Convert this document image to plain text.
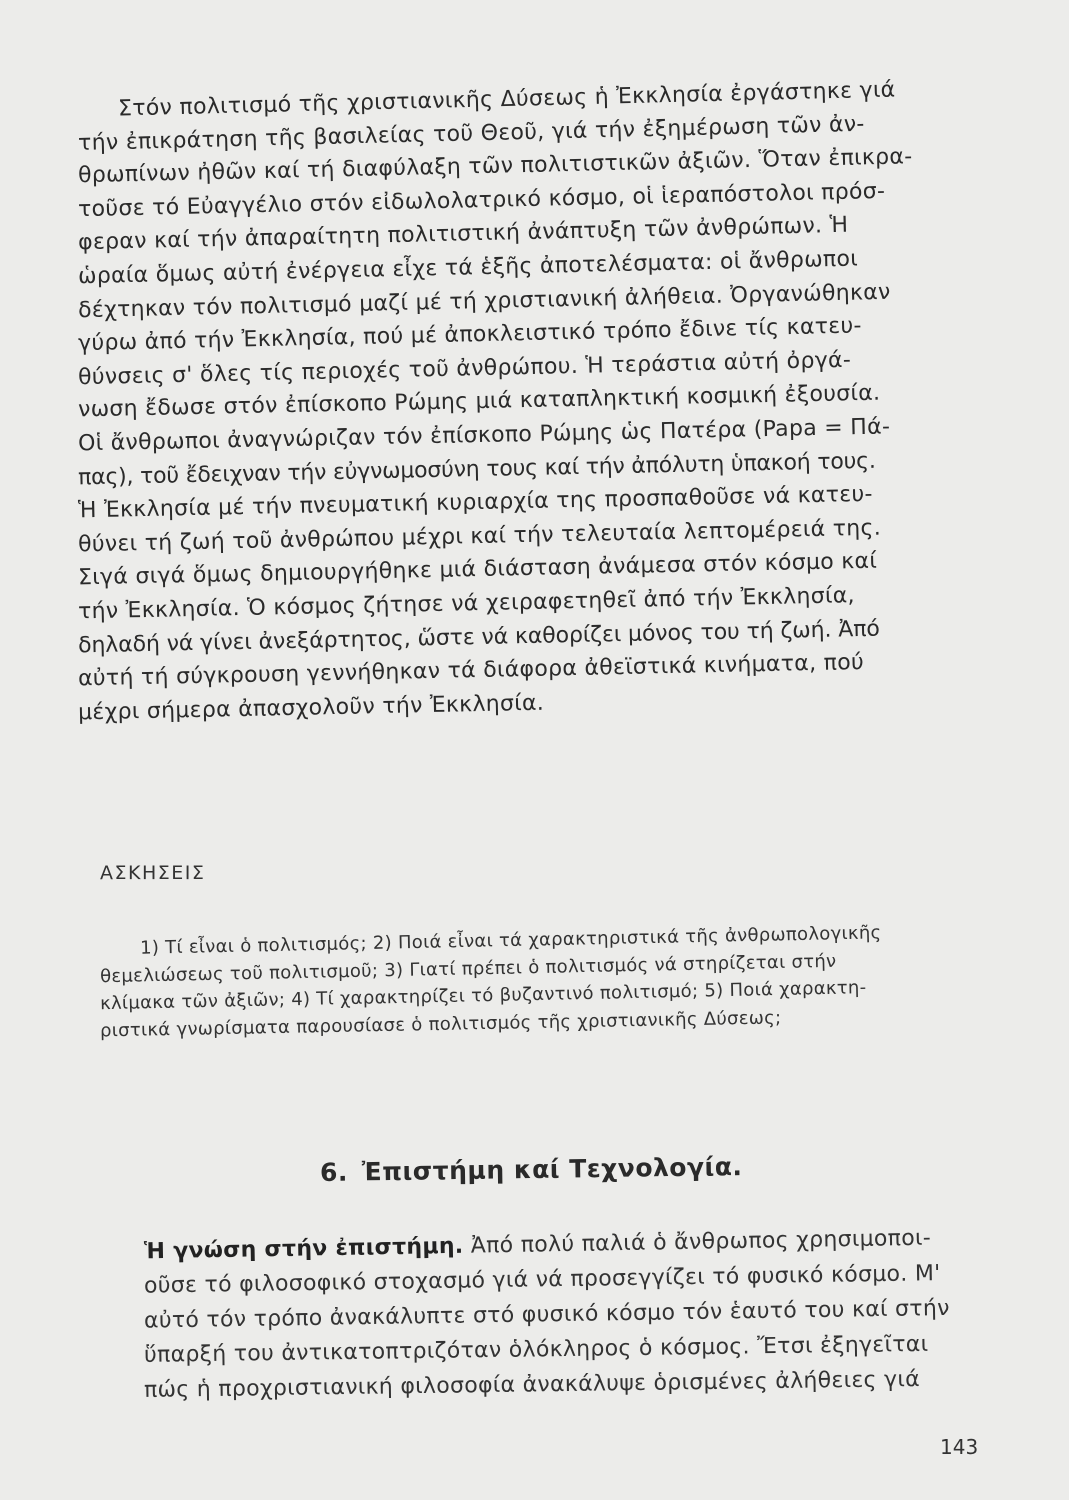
Στόν πολιτισμό τῆς χριστιανικῆς Δύσεως ἡ Ἐκκλησία ἐργάστηκε γιά
τήν ἐπικράτηση τῆς βασιλείας τοῦ Θεοῦ, γιά τήν ἐξημέρωση τῶν ἀν-
θρωπίνων ἠθῶν καί τή διαφύλαξη τῶν πολιτιστικῶν ἀξιῶν. Ὅταν ἐπικρα-
τοῦσε τό Εὐαγγέλιο στόν εἰδωλολατρικό κόσμο, οἱ ἱεραπόστολοι πρόσ-
φεραν καί τήν ἀπαραίτητη πολιτιστική ἀνάπτυξη τῶν ἀνθρώπων. Ἡ
ὡραία ὅμως αὐτή ἐνέργεια εἶχε τά ἑξῆς ἀποτελέσματα: οἱ ἄνθρωποι
δέχτηκαν τόν πολιτισμό μαζί μέ τή χριστιανική ἀλήθεια. Ὀργανώθηκαν
γύρω ἀπό τήν Ἐκκλησία, πού μέ ἀποκλειστικό τρόπο ἔδινε τίς κατευ-
θύνσεις σ' ὅλες τίς περιοχές τοῦ ἀνθρώπου. Ἡ τεράστια αὐτή ὀργά-
νωση ἔδωσε στόν ἐπίσκοπο Ρώμης μιά καταπληκτική κοσμική ἐξουσία.
Οἱ ἄνθρωποι ἀναγνώριζαν τόν ἐπίσκοπο Ρώμης ὡς Πατέρα (Papa = Πά-
πας), τοῦ ἔδειχναν τήν εὐγνωμοσύνη τους καί τήν ἀπόλυτη ὑπακοή τους.
Ἡ Ἐκκλησία μέ τήν πνευματική κυριαρχία της προσπαθοῦσε νά κατευ-
θύνει τή ζωή τοῦ ἀνθρώπου μέχρι καί τήν τελευταία λεπτομέρειά της.
Σιγά σιγά ὅμως δημιουργήθηκε μιά διάσταση ἀνάμεσα στόν κόσμο καί
τήν Ἐκκλησία. Ὁ κόσμος ζήτησε νά χειραφετηθεῖ ἀπό τήν Ἐκκλησία,
δηλαδή νά γίνει ἀνεξάρτητος, ὥστε νά καθορίζει μόνος του τή ζωή. Ἀπό
αὐτή τή σύγκρουση γεννήθηκαν τά διάφορα ἀθεϊστικά κινήματα, πού
μέχρι σήμερα ἀπασχολοῦν τήν Ἐκκλησία.
ΑΣΚΗΣΕΙΣ
1) Τί εἶναι ὁ πολιτισμός; 2) Ποιά εἶναι τά χαρακτηριστικά τῆς ἀνθρωπολογικῆς
θεμελιώσεως τοῦ πολιτισμοῦ; 3) Γιατί πρέπει ὁ πολιτισμός νά στηρίζεται στήν
κλίμακα τῶν ἀξιῶν; 4) Τί χαρακτηρίζει τό βυζαντινό πολιτισμό; 5) Ποιά χαρακτη-
ριστικά γνωρίσματα παρουσίασε ὁ πολιτισμός τῆς χριστιανικῆς Δύσεως;
6. Ἐπιστήμη καί Τεχνολογία.
Ἡ γνώση στήν ἐπιστήμη. Ἀπό πολύ παλιά ὁ ἄνθρωπος χρησιμοποι-
οῦσε τό φιλοσοφικό στοχασμό γιά νά προσεγγίζει τό φυσικό κόσμο. Μ'
αὐτό τόν τρόπο ἀνακάλυπτε στό φυσικό κόσμο τόν ἑαυτό του καί στήν
ὕπαρξή του ἀντικατοπτριζόταν ὁλόκληρος ὁ κόσμος. Ἔτσι ἐξηγεῖται
πώς ἡ προχριστιανική φιλοσοφία ἀνακάλυψε ὁρισμένες ἀλήθειες γιά
143
